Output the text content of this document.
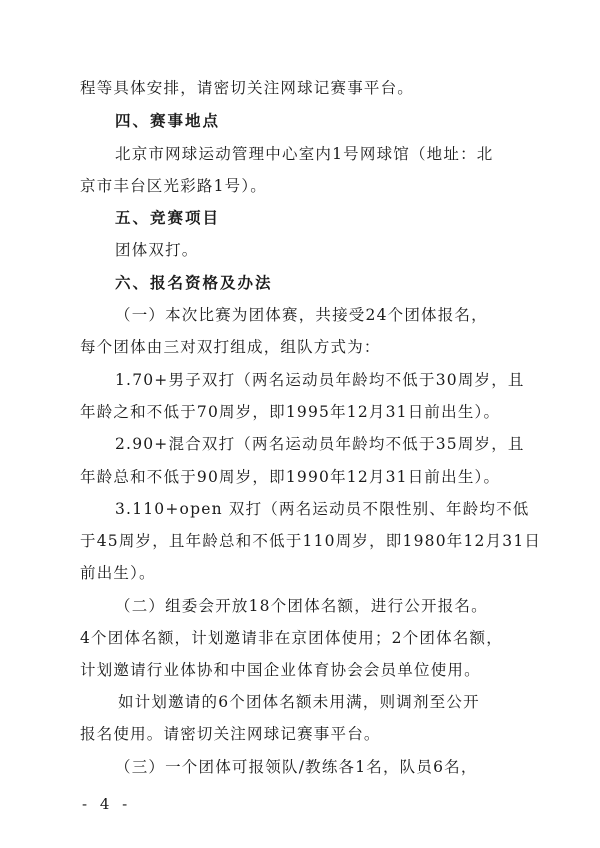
程等具体安排，请密切关注网球记赛事平台。
四、赛事地点
北京市网球运动管理中心室内1号网球馆（地址：北
京市丰台区光彩路1号）。
五、竞赛项目
团体双打。
六、报名资格及办法
（一）本次比赛为团体赛，共接受24个团体报名，
每个团体由三对双打组成，组队方式为：
1.70+男子双打（两名运动员年龄均不低于30周岁，且
年龄之和不低于70周岁，即1995年12月31日前出生）。
2.90+混合双打（两名运动员年龄均不低于35周岁，且
年龄总和不低于90周岁，即1990年12月31日前出生）。
3.110+open 双打（两名运动员不限性别、年龄均不低
于45周岁，且年龄总和不低于110周岁，即1980年12月31日
前出生）。
（二）组委会开放18个团体名额，进行公开报名。
4个团体名额，计划邀请非在京团体使用；2个团体名额，
计划邀请行业体协和中国企业体育协会会员单位使用。
如计划邀请的6个团体名额未用满，则调剂至公开
报名使用。请密切关注网球记赛事平台。
（三）一个团体可报领队/教练各1名，队员6名，
- 4 -
